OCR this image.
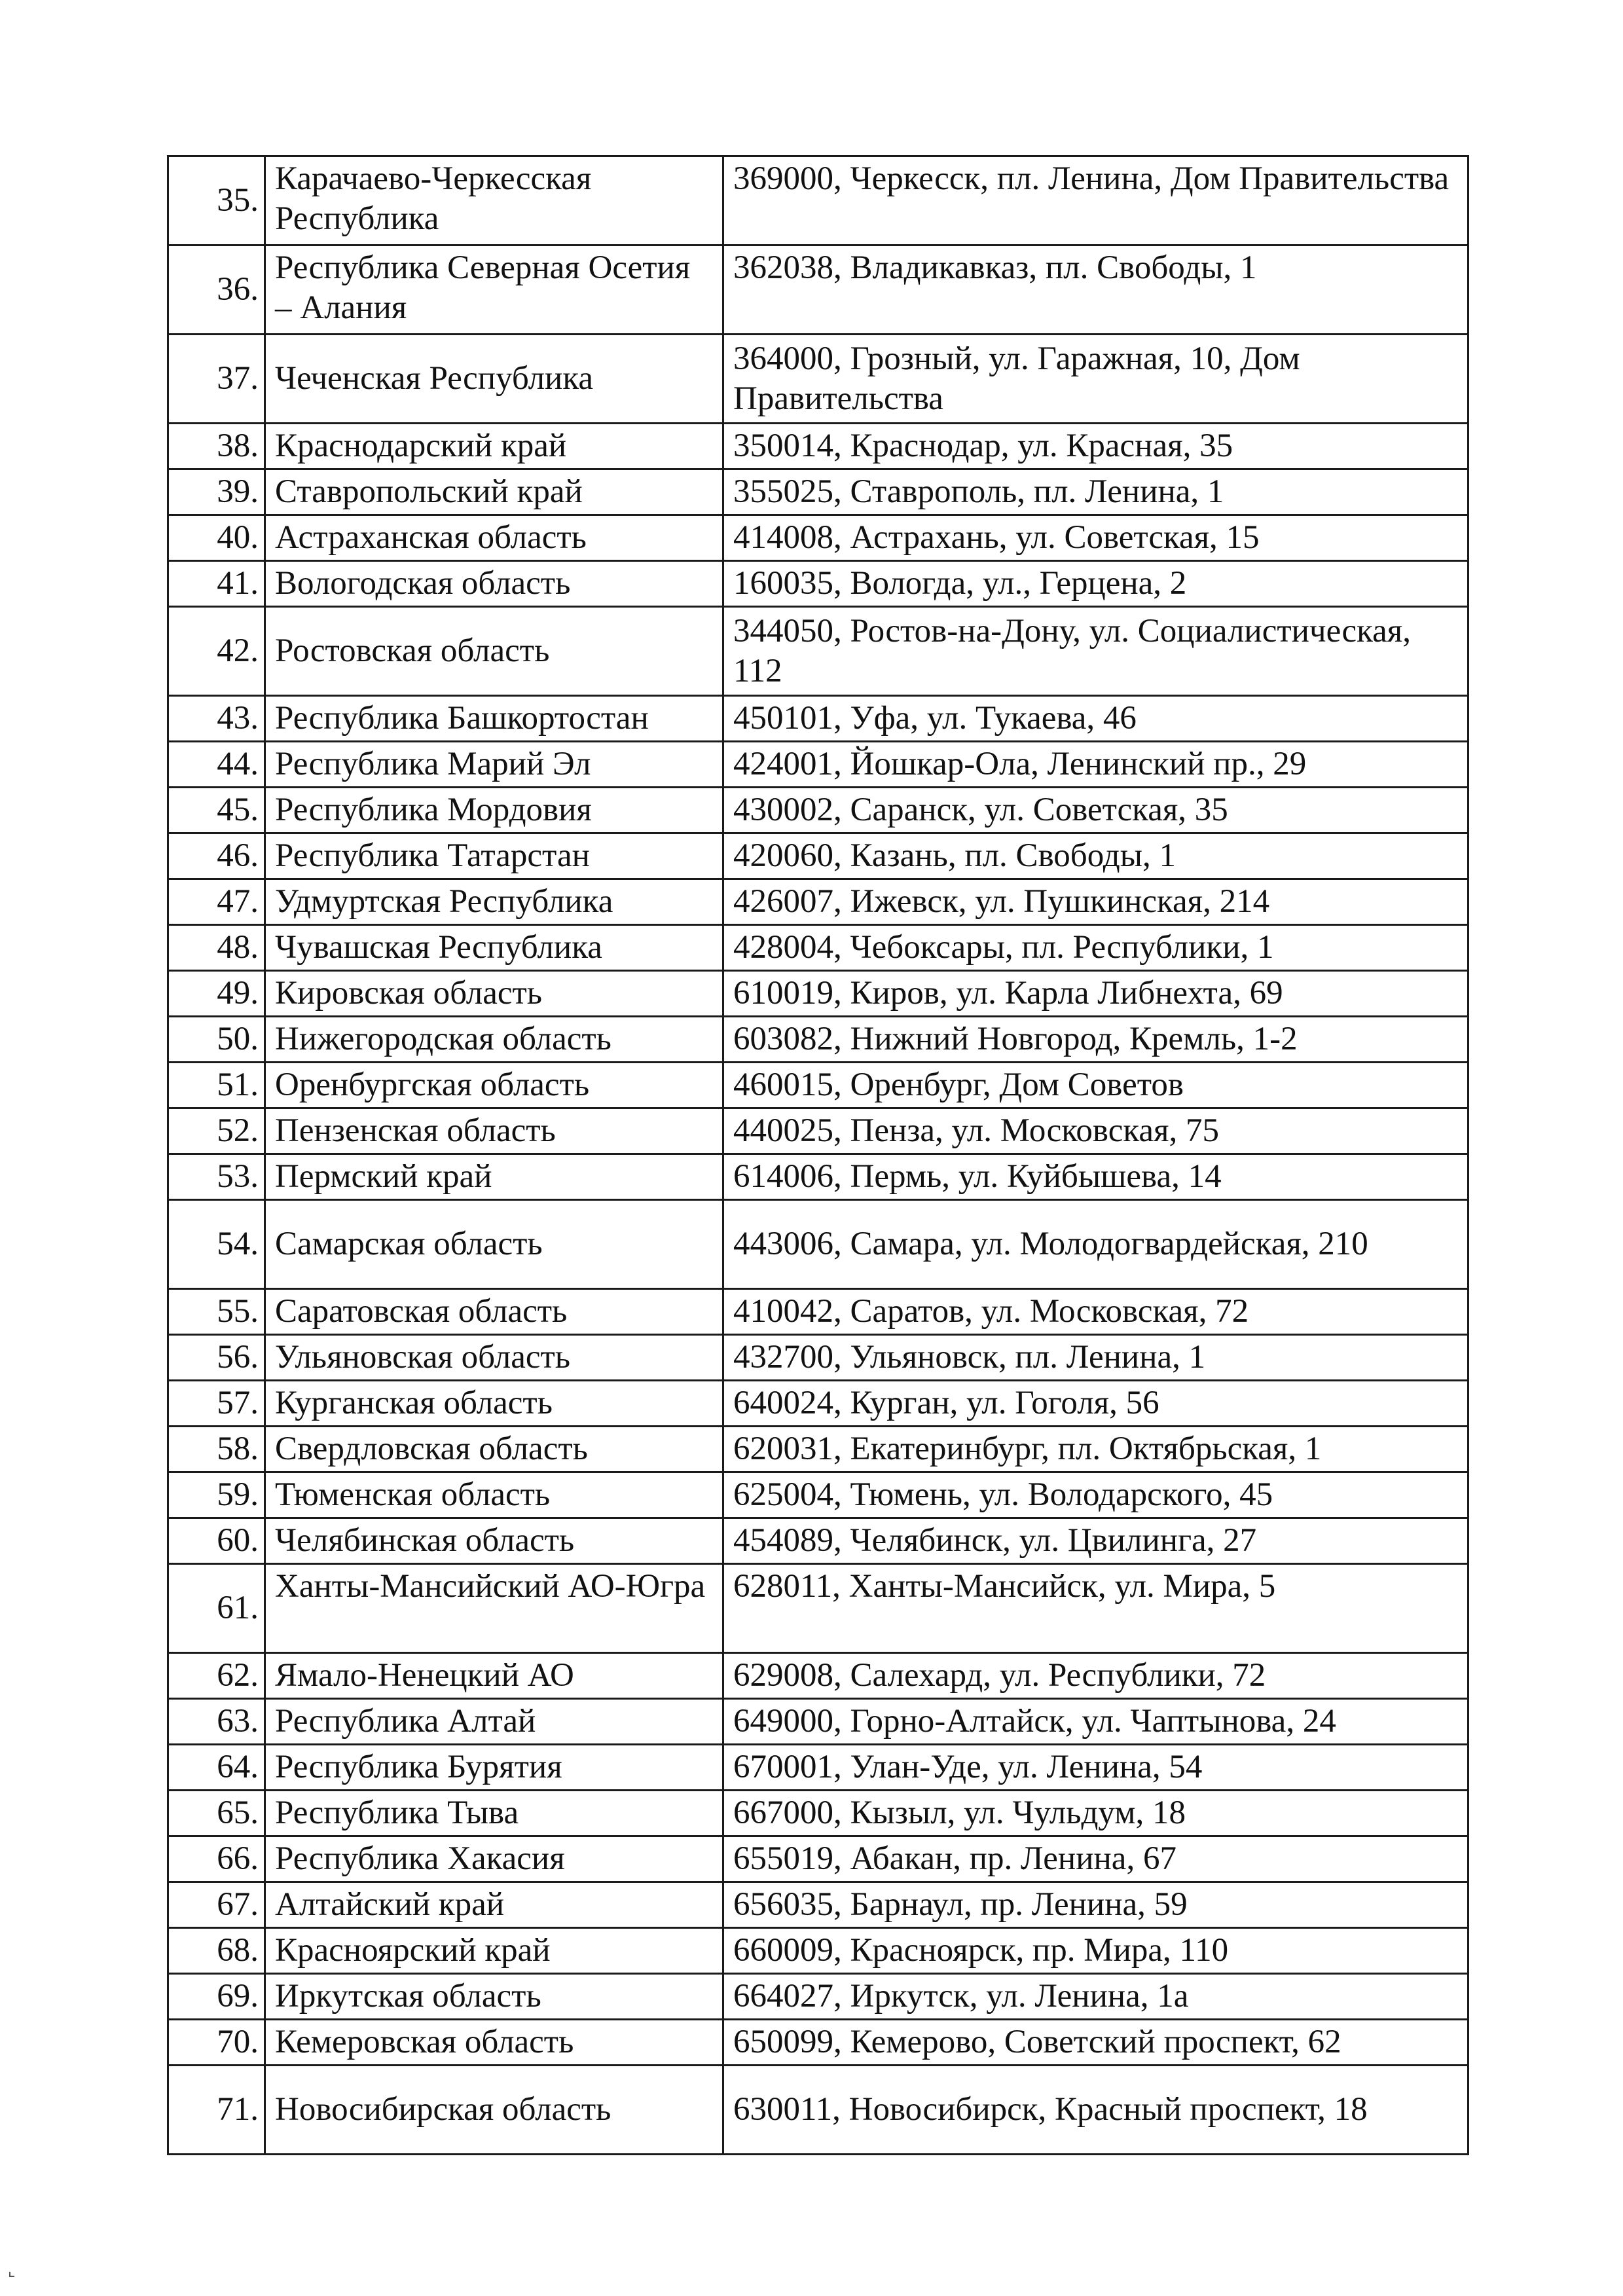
35.	Карачаево-Черкесская Республика	369000, Черкесск, пл. Ленина, Дом Правительства
36.	Республика Северная Осетия – Алания	362038, Владикавказ, пл. Свободы, 1
37.	Чеченская Республика	364000, Грозный, ул. Гаражная, 10, Дом Правительства
38.	Краснодарский край	350014, Краснодар, ул. Красная, 35
39.	Ставропольский край	355025, Ставрополь, пл. Ленина, 1
40.	Астраханская область	414008, Астрахань, ул. Советская, 15
41.	Вологодская область	160035, Вологда, ул., Герцена, 2
42.	Ростовская область	344050, Ростов-на-Дону, ул. Социалистическая, 112
43.	Республика Башкортостан	450101, Уфа, ул. Тукаева, 46
44.	Республика Марий Эл	424001, Йошкар-Ола, Ленинский пр., 29
45.	Республика Мордовия	430002, Саранск, ул. Советская, 35
46.	Республика Татарстан	420060, Казань, пл. Свободы, 1
47.	Удмуртская Республика	426007, Ижевск, ул. Пушкинская, 214
48.	Чувашская Республика	428004, Чебоксары, пл. Республики, 1
49.	Кировская область	610019, Киров, ул. Карла Либнехта, 69
50.	Нижегородская область	603082, Нижний Новгород, Кремль, 1-2
51.	Оренбургская область	460015, Оренбург, Дом Советов
52.	Пензенская область	440025, Пенза, ул. Московская, 75
53.	Пермский край	614006, Пермь, ул. Куйбышева, 14
54.	Самарская область	443006, Самара, ул. Молодогвардейская, 210
55.	Саратовская область	410042, Саратов, ул. Московская, 72
56.	Ульяновская область	432700, Ульяновск, пл. Ленина, 1
57.	Курганская область	640024, Курган, ул. Гоголя, 56
58.	Свердловская область	620031, Екатеринбург, пл. Октябрьская, 1
59.	Тюменская область	625004, Тюмень, ул. Володарского, 45
60.	Челябинская область	454089, Челябинск, ул. Цвилинга, 27
61.	Ханты-Мансийский АО-Югра	628011, Ханты-Мансийск, ул. Мира, 5
62.	Ямало-Ненецкий АО	629008, Салехард, ул. Республики, 72
63.	Республика Алтай	649000, Горно-Алтайск, ул. Чаптынова, 24
64.	Республика Бурятия	670001, Улан-Уде, ул. Ленина, 54
65.	Республика Тыва	667000, Кызыл, ул. Чульдум, 18
66.	Республика Хакасия	655019, Абакан, пр. Ленина, 67
67.	Алтайский край	656035, Барнаул, пр. Ленина, 59
68.	Красноярский край	660009, Красноярск, пр. Мира, 110
69.	Иркутская область	664027, Иркутск, ул. Ленина, 1а
70.	Кемеровская область	650099, Кемерово, Советский проспект, 62
71.	Новосибирская область	630011, Новосибирск, Красный проспект, 18
